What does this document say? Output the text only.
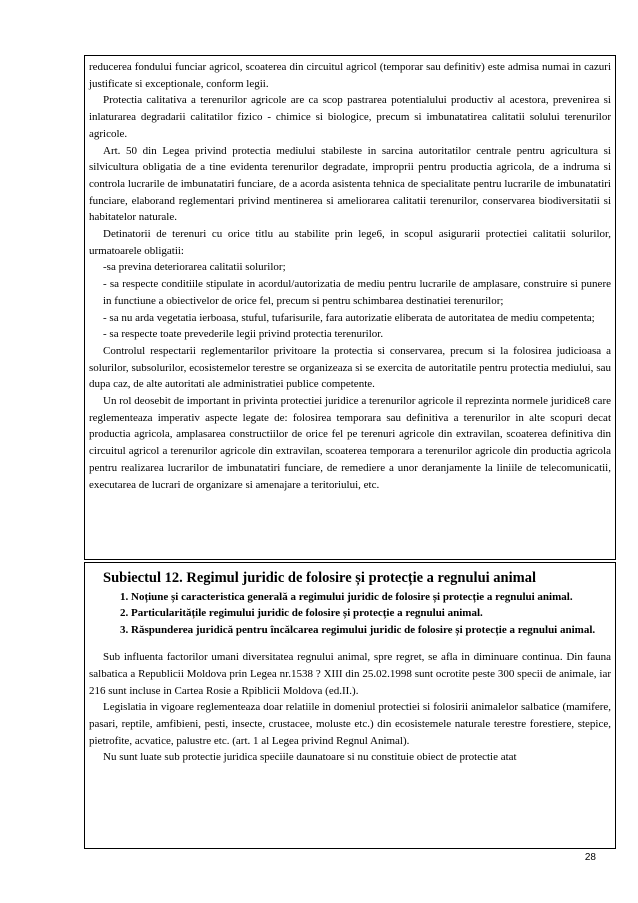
reducerea fondului funciar agricol, scoaterea din circuitul agricol (temporar sau definitiv) este admisa numai in cazuri justificate si exceptionale, conform legii.

Protectia calitativa a terenurilor agricole are ca scop pastrarea potentialului productiv al acestora, prevenirea si inlaturarea degradarii calitatilor fizico - chimice si biologice, precum si imbunatatirea calitatii solului terenurilor agricole.

Art. 50 din Legea privind protectia mediului stabileste in sarcina autoritatilor centrale pentru agricultura si silvicultura obligatia de a tine evidenta terenurilor degradate, improprii pentru productia agricola, de a indruma si controla lucrarile de imbunatatiri funciare, de a acorda asistenta tehnica de specialitate pentru lucrarile de imbunatatiri funciare, elaborand reglementari privind mentinerea si ameliorarea calitatii terenurilor, conservarea biodiversitatii si habitatelor naturale.

Detinatorii de terenuri cu orice titlu au stabilite prin lege6, in scopul asigurarii protectiei calitatii solurilor, urmatoarele obligatii:

-sa previna deteriorarea calitatii solurilor;

- sa respecte conditiile stipulate in acordul/autorizatia de mediu pentru lucrarile de amplasare, construire si punere in functiune a obiectivelor de orice fel, precum si pentru schimbarea destinatiei terenurilor;

- sa nu arda vegetatia ierboasa, stuful, tufarisurile, fara autorizatie eliberata de autoritatea de mediu competenta;

- sa respecte toate prevederile legii privind protectia terenurilor.

Controlul respectarii reglementarilor privitoare la protectia si conservarea, precum si la folosirea judicioasa a solurilor, subsolurilor, ecosistemelor terestre se organizeaza si se exercita de autoritatile pentru protectia mediului, sau dupa caz, de alte autoritati ale administratiei publice competente.

Un rol deosebit de important in privinta protectiei juridice a terenurilor agricole il reprezinta normele juridice8 care reglementeaza imperativ aspecte legate de: folosirea temporara sau definitiva a terenurilor in alte scopuri decat productia agricola, amplasarea constructiilor de orice fel pe terenuri agricole din extravilan, scoaterea definitiva din circuitul agricol a terenurilor agricole din extravilan, scoaterea temporara a terenurilor agricole din productia agricola pentru realizarea lucrarilor de imbunatatiri funciare, de remediere a unor deranjamente la liniile de telecomunicatii, executarea de lucrari de organizare si amenajare a teritoriului, etc.

Subiectul 12. Regimul juridic de folosire și protecție a regnului animal
1. Noțiune și caracteristica generală a regimului juridic de folosire și protecție a regnului animal.
2. Particularitățile regimului juridic de folosire și protecție a regnului animal.
3. Răspunderea juridică pentru încălcarea regimului juridic de folosire și protecție a regnului animal.

Sub influenta factorilor umani diversitatea regnului animal, spre regret, se afla in diminuare continua. Din fauna salbatica a Republicii Moldova prin Legea nr.1538 ? XIII din 25.02.1998 sunt ocrotite peste 300 specii de animale, iar 216 sunt incluse in Cartea Rosie a Rpiblicii Moldova (ed.II.).

Legislatia in vigoare reglementeaza doar relatiile in domeniul protectiei si folosirii animalelor salbatice (mamifere, pasari, reptile, amfibieni, pesti, insecte, crustacee, moluste etc.) din ecosistemele naturale terestre forestiere, stepice, pietrofite, acvatice, palustre etc. (art. 1 al Legea privind Regnul Animal).

Nu sunt luate sub protectie juridica speciile daunatoare si nu constituie obiect de protectie atat

28
